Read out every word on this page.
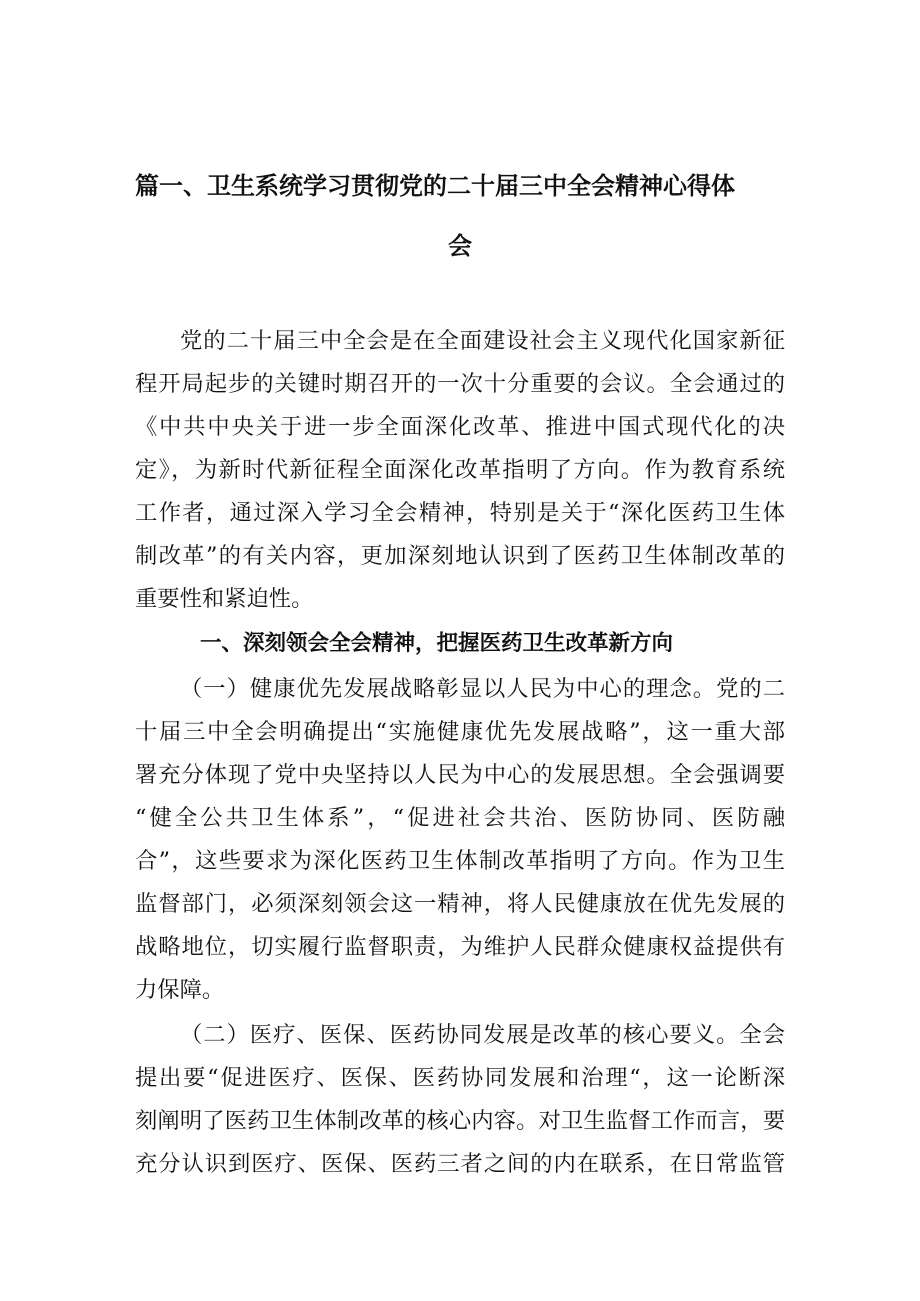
篇一、卫生系统学习贯彻党的二十届三中全会精神心得体
会
党的二十届三中全会是在全面建设社会主义现代化国家新征
程开局起步的关键时期召开的一次十分重要的会议。全会通过的
《中共中央关于进一步全面深化改革、推进中国式现代化的决
定》，为新时代新征程全面深化改革指明了方向。作为教育系统
工作者，通过深入学习全会精神，特别是关于“深化医药卫生体
制改革”的有关内容，更加深刻地认识到了医药卫生体制改革的
重要性和紧迫性。
一、深刻领会全会精神，把握医药卫生改革新方向
（一）健康优先发展战略彰显以人民为中心的理念。党的二
十届三中全会明确提出“实施健康优先发展战略”，这一重大部
署充分体现了党中央坚持以人民为中心的发展思想。全会强调要
“健全公共卫生体系”，“促进社会共治、医防协同、医防融
合”，这些要求为深化医药卫生体制改革指明了方向。作为卫生
监督部门，必须深刻领会这一精神，将人民健康放在优先发展的
战略地位，切实履行监督职责，为维护人民群众健康权益提供有
力保障。
（二）医疗、医保、医药协同发展是改革的核心要义。全会
提出要“促进医疗、医保、医药协同发展和治理“，这一论断深
刻阐明了医药卫生体制改革的核心内容。对卫生监督工作而言，要
充分认识到医疗、医保、医药三者之间的内在联系，在日常监管
